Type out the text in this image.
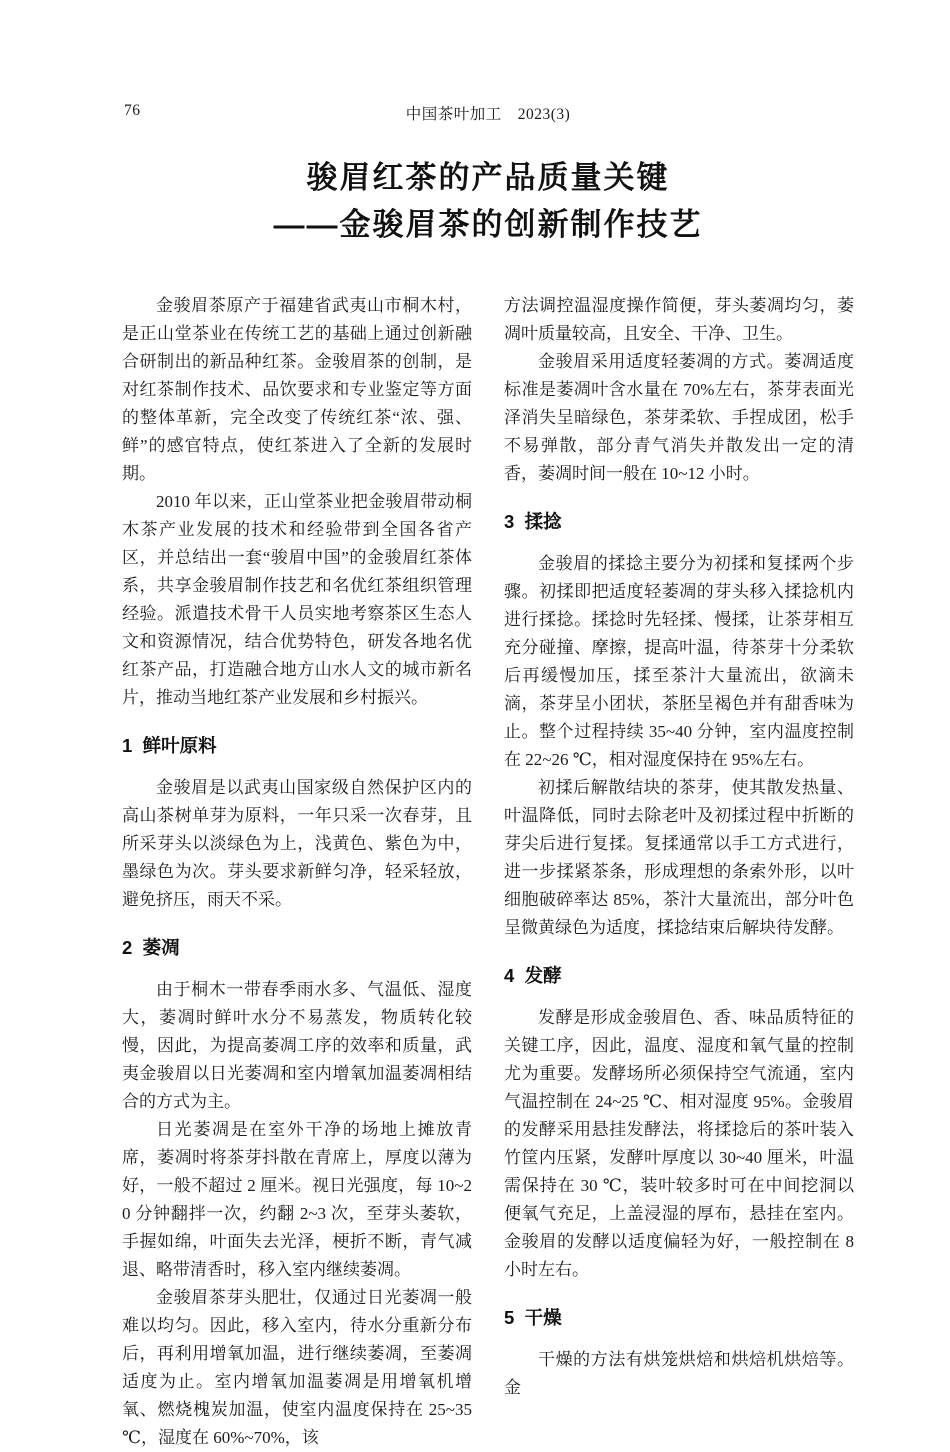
76	中国茶叶加工　2023(3)
骏眉红茶的产品质量关键
——金骏眉茶的创新制作技艺

金骏眉茶原产于福建省武夷山市桐木村，是正山堂茶业在传统工艺的基础上通过创新融合研制出的新品种红茶。金骏眉茶的创制，是对红茶制作技术、品饮要求和专业鉴定等方面的整体革新，完全改变了传统红茶“浓、强、鲜”的感官特点，使红茶进入了全新的发展时期。

2010 年以来，正山堂茶业把金骏眉带动桐木茶产业发展的技术和经验带到全国各省产区，并总结出一套“骏眉中国”的金骏眉红茶体系，共享金骏眉制作技艺和名优红茶组织管理经验。派遣技术骨干人员实地考察茶区生态人文和资源情况，结合优势特色，研发各地名优红茶产品，打造融合地方山水人文的城市新名片，推动当地红茶产业发展和乡村振兴。

1  鲜叶原料

金骏眉是以武夷山国家级自然保护区内的高山茶树单芽为原料，一年只采一次春芽，且所采芽头以淡绿色为上，浅黄色、紫色为中，墨绿色为次。芽头要求新鲜匀净，轻采轻放，避免挤压，雨天不采。

2  萎凋

由于桐木一带春季雨水多、气温低、湿度大，萎凋时鲜叶水分不易蒸发，物质转化较慢，因此，为提高萎凋工序的效率和质量，武夷金骏眉以日光萎凋和室内增氧加温萎凋相结合的方式为主。

日光萎凋是在室外干净的场地上摊放青席，萎凋时将茶芽抖散在青席上，厚度以薄为好，一般不超过 2 厘米。视日光强度，每 10~20 分钟翻拌一次，约翻 2~3 次，至芽头萎软，手握如绵，叶面失去光泽，梗折不断，青气减退、略带清香时，移入室内继续萎凋。

金骏眉茶芽头肥壮，仅通过日光萎凋一般难以均匀。因此，移入室内，待水分重新分布后，再利用增氧加温，进行继续萎凋，至萎凋适度为止。室内增氧加温萎凋是用增氧机增氧、燃烧槐炭加温，使室内温度保持在 25~35 ℃，湿度在 60%~70%，该

方法调控温湿度操作简便，芽头萎凋均匀，萎凋叶质量较高，且安全、干净、卫生。

金骏眉采用适度轻萎凋的方式。萎凋适度标准是萎凋叶含水量在 70%左右，茶芽表面光泽消失呈暗绿色，茶芽柔软、手捏成团，松手不易弹散，部分青气消失并散发出一定的清香，萎凋时间一般在 10~12 小时。

3  揉捻

金骏眉的揉捻主要分为初揉和复揉两个步骤。初揉即把适度轻萎凋的芽头移入揉捻机内进行揉捻。揉捻时先轻揉、慢揉，让茶芽相互充分碰撞、摩擦，提高叶温，待茶芽十分柔软后再缓慢加压，揉至茶汁大量流出，欲滴未滴，茶芽呈小团状，茶胚呈褐色并有甜香味为止。整个过程持续 35~40 分钟，室内温度控制在 22~26 ℃，相对湿度保持在 95%左右。

初揉后解散结块的茶芽，使其散发热量、叶温降低，同时去除老叶及初揉过程中折断的芽尖后进行复揉。复揉通常以手工方式进行，进一步揉紧茶条，形成理想的条索外形，以叶细胞破碎率达 85%，茶汁大量流出，部分叶色呈微黄绿色为适度，揉捻结束后解块待发酵。

4  发酵

发酵是形成金骏眉色、香、味品质特征的关键工序，因此，温度、湿度和氧气量的控制尤为重要。发酵场所必须保持空气流通，室内气温控制在 24~25 ℃、相对湿度 95%。金骏眉的发酵采用悬挂发酵法，将揉捻后的茶叶装入竹筐内压紧，发酵叶厚度以 30~40 厘米，叶温需保持在 30 ℃，装叶较多时可在中间挖洞以便氧气充足，上盖浸湿的厚布，悬挂在室内。金骏眉的发酵以适度偏轻为好，一般控制在 8 小时左右。

5  干燥

干燥的方法有烘笼烘焙和烘焙机烘焙等。金
